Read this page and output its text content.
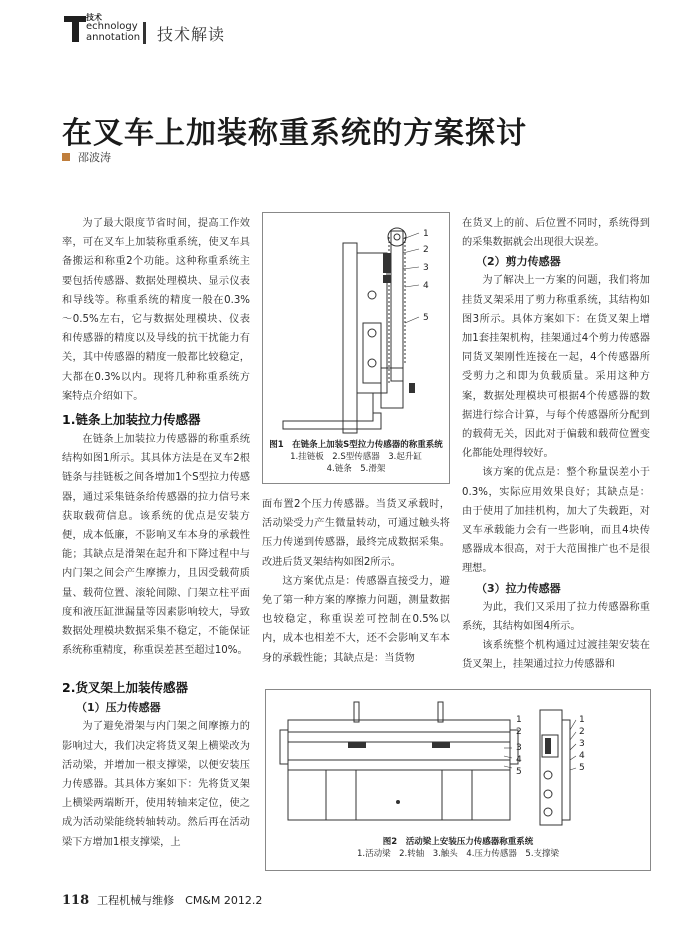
技术
echnology
annotation 技术解读
在叉车上加装称重系统的方案探讨
邵波涛

为了最大限度节省时间，提高工作效率，可在叉车上加装称重系统，使叉车具备搬运和称重2个功能。这种称重系统主要包括传感器、数据处理模块、显示仪表和导线等。称重系统的精度一般在0.3%～0.5%左右，它与数据处理模块、仪表和传感器的精度以及导线的抗干扰能力有关，其中传感器的精度一般都比较稳定，大都在0.3%以内。现将几种称重系统方案特点介绍如下。

1.链条上加装拉力传感器

在链条上加装拉力传感器的称重系统结构如图1所示。其具体方法是在叉车2根链条与挂链板之间各增加1个S型拉力传感器，通过采集链条给传感器的拉力信号来获取载荷信息。该系统的优点是安装方便，成本低廉，不影响叉车本身的承载性能；其缺点是滑架在起升和下降过程中与内门架之间会产生摩擦力，且因受载荷质量、载荷位置、滚轮间隙、门架立柱平面度和液压缸泄漏量等因素影响较大，导致数据处理模块数据采集不稳定，不能保证系统称重精度，称重误差甚至超过10%。

2.货叉架上加装传感器
（1）压力传感器

为了避免滑架与内门架之间摩擦力的影响过大，我们决定将货叉架上横梁改为活动梁，并增加一根支撑梁，以便安装压力传感器。其具体方案如下：先将货叉架上横梁两端断开，使用转轴来定位，使之成为活动梁能绕转轴转动。然后再在活动梁下方增加1根支撑梁，上

1
2
3
4
5
图1　在链条上加装S型拉力传感器的称重系统
1.挂链板　2.S型传感器　3.起升缸
4.链条　5.滑架

面布置2个压力传感器。当货叉承载时，活动梁受力产生微量转动，可通过触头将压力传递到传感器，最终完成数据采集。改进后货叉架结构如图2所示。

这方案优点是：传感器直接受力，避免了第一种方案的摩擦力问题，测量数据也较稳定，称重误差可控制在0.5%以内，成本也相差不大，还不会影响叉车本身的承载性能；其缺点是：当货物

在货叉上的前、后位置不同时，系统得到的采集数据就会出现很大误差。

（2）剪力传感器

为了解决上一方案的问题，我们将加挂货叉架采用了剪力称重系统，其结构如图3所示。具体方案如下：在货叉架上增加1套挂架机构，挂架通过4个剪力传感器同货叉架刚性连接在一起，4个传感器所受剪力之和即为负载质量。采用这种方案，数据处理模块可根据4个传感器的数据进行综合计算，与每个传感器所分配到的载荷无关，因此对于偏载和载荷位置变化都能处理得较好。

该方案的优点是：整个称量误差小于0.3%，实际应用效果良好；其缺点是：由于使用了加挂机构，加大了失载距，对叉车承载能力会有一些影响，而且4块传感器成本很高，对于大范围推广也不是很理想。

（3）拉力传感器

为此，我们又采用了拉力传感器称重系统，其结构如图4所示。

该系统整个机构通过过渡挂架安装在货叉架上，挂架通过拉力传感器和

1
2
3
4
5
1
2
3
4
5
图2　活动梁上安装压力传感器称重系统
1.活动梁　2.转轴　3.触头　4.压力传感器　5.支撑梁
118 工程机械与维修　CM&M 2012.2
